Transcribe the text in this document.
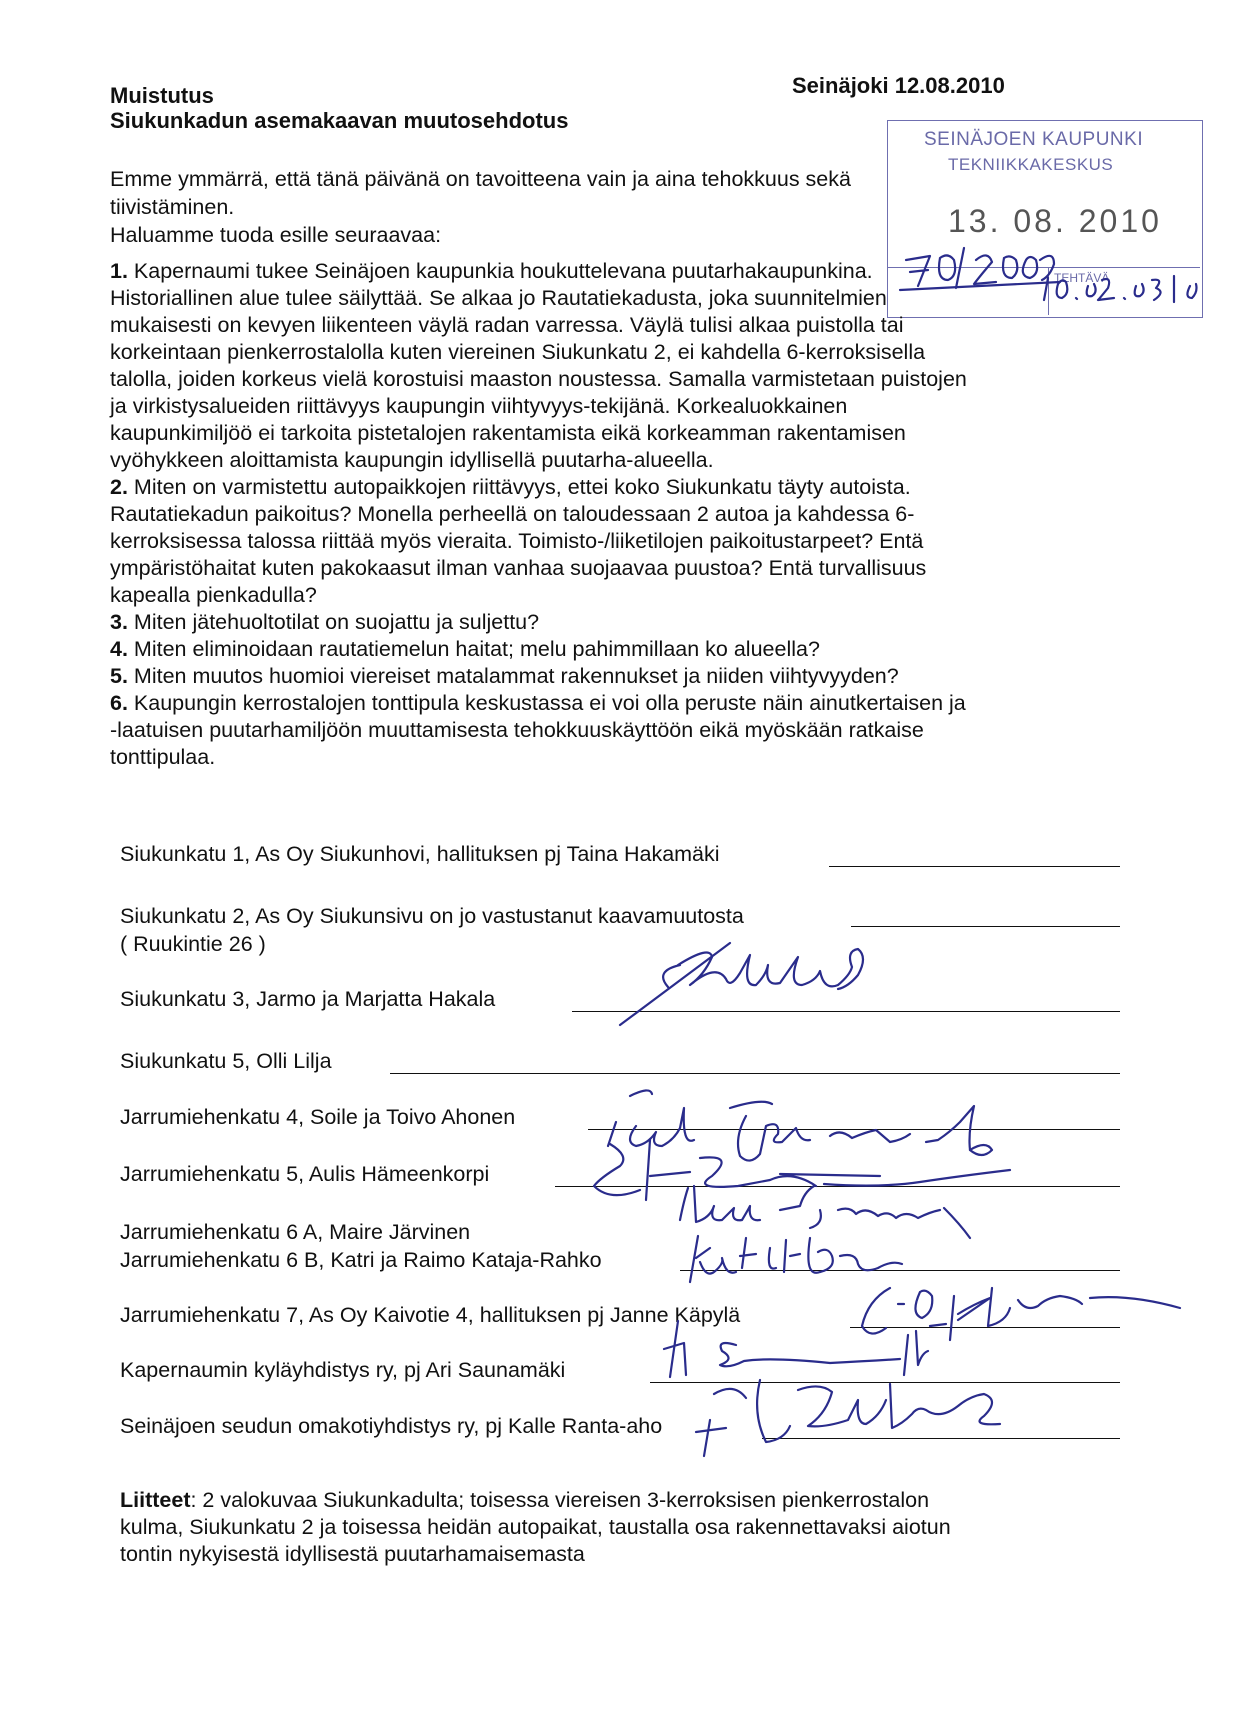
Muistutus
Siukunkadun asemakaavan muutosehdotus
Seinäjoki 12.08.2010
Emme ymmärrä, että tänä päivänä on tavoitteena vain ja aina tehokkuus sekä
tiivistäminen.
Haluamme tuoda esille seuraavaa:
SEINÄJOEN KAUPUNKI
TEKNIIKKAKESKUS
13. 08. 2010
TEHTÄVÄ
1. Kapernaumi tukee Seinäjoen kaupunkia houkuttelevana puutarhakaupunkina.
Historiallinen alue tulee säilyttää. Se alkaa jo Rautatiekadusta, joka suunnitelmien
mukaisesti on kevyen liikenteen väylä radan varressa. Väylä tulisi alkaa puistolla tai
korkeintaan pienkerrostalolla kuten viereinen Siukunkatu 2, ei kahdella 6-kerroksisella
talolla, joiden korkeus vielä korostuisi maaston noustessa. Samalla varmistetaan puistojen
ja virkistysalueiden riittävyys kaupungin viihtyvyys-tekijänä. Korkealuokkainen
kaupunkimiljöö ei tarkoita pistetalojen rakentamista eikä korkeamman rakentamisen
vyöhykkeen aloittamista kaupungin idyllisellä puutarha-alueella.
2. Miten on varmistettu autopaikkojen riittävyys, ettei koko Siukunkatu täyty autoista.
Rautatiekadun paikoitus? Monella perheellä on taloudessaan 2 autoa ja kahdessa 6-
kerroksisessa talossa riittää myös vieraita. Toimisto-/liiketilojen paikoitustarpeet? Entä
ympäristöhaitat kuten pakokaasut ilman vanhaa suojaavaa puustoa? Entä turvallisuus
kapealla pienkadulla?
3. Miten jätehuoltotilat on suojattu ja suljettu?
4. Miten eliminoidaan rautatiemelun haitat; melu pahimmillaan ko alueella?
5. Miten muutos huomioi viereiset matalammat rakennukset ja niiden viihtyvyyden?
6. Kaupungin kerrostalojen tonttipula keskustassa ei voi olla peruste näin ainutkertaisen ja
-laatuisen puutarhamiljöön muuttamisesta tehokkuuskäyttöön eikä myöskään ratkaise
tonttipulaa.
Siukunkatu 1, As Oy Siukunhovi, hallituksen pj Taina Hakamäki
Siukunkatu 2, As Oy Siukunsivu on jo vastustanut kaavamuutosta
( Ruukintie 26 )
Siukunkatu 3, Jarmo ja Marjatta Hakala
Siukunkatu 5, Olli Lilja
Jarrumiehenkatu 4, Soile ja Toivo Ahonen
Jarrumiehenkatu 5, Aulis Hämeenkorpi
Jarrumiehenkatu 6 A, Maire Järvinen
Jarrumiehenkatu 6 B, Katri ja Raimo Kataja-Rahko
Jarrumiehenkatu 7, As Oy Kaivotie 4, hallituksen pj Janne Käpylä
Kapernaumin kyläyhdistys ry, pj Ari Saunamäki
Seinäjoen seudun omakotiyhdistys ry, pj Kalle Ranta-aho
Liitteet: 2 valokuvaa Siukunkadulta; toisessa viereisen 3-kerroksisen pienkerrostalon
kulma, Siukunkatu 2 ja toisessa heidän autopaikat, taustalla osa rakennettavaksi aiotun
tontin nykyisestä idyllisestä puutarhamaisemasta
